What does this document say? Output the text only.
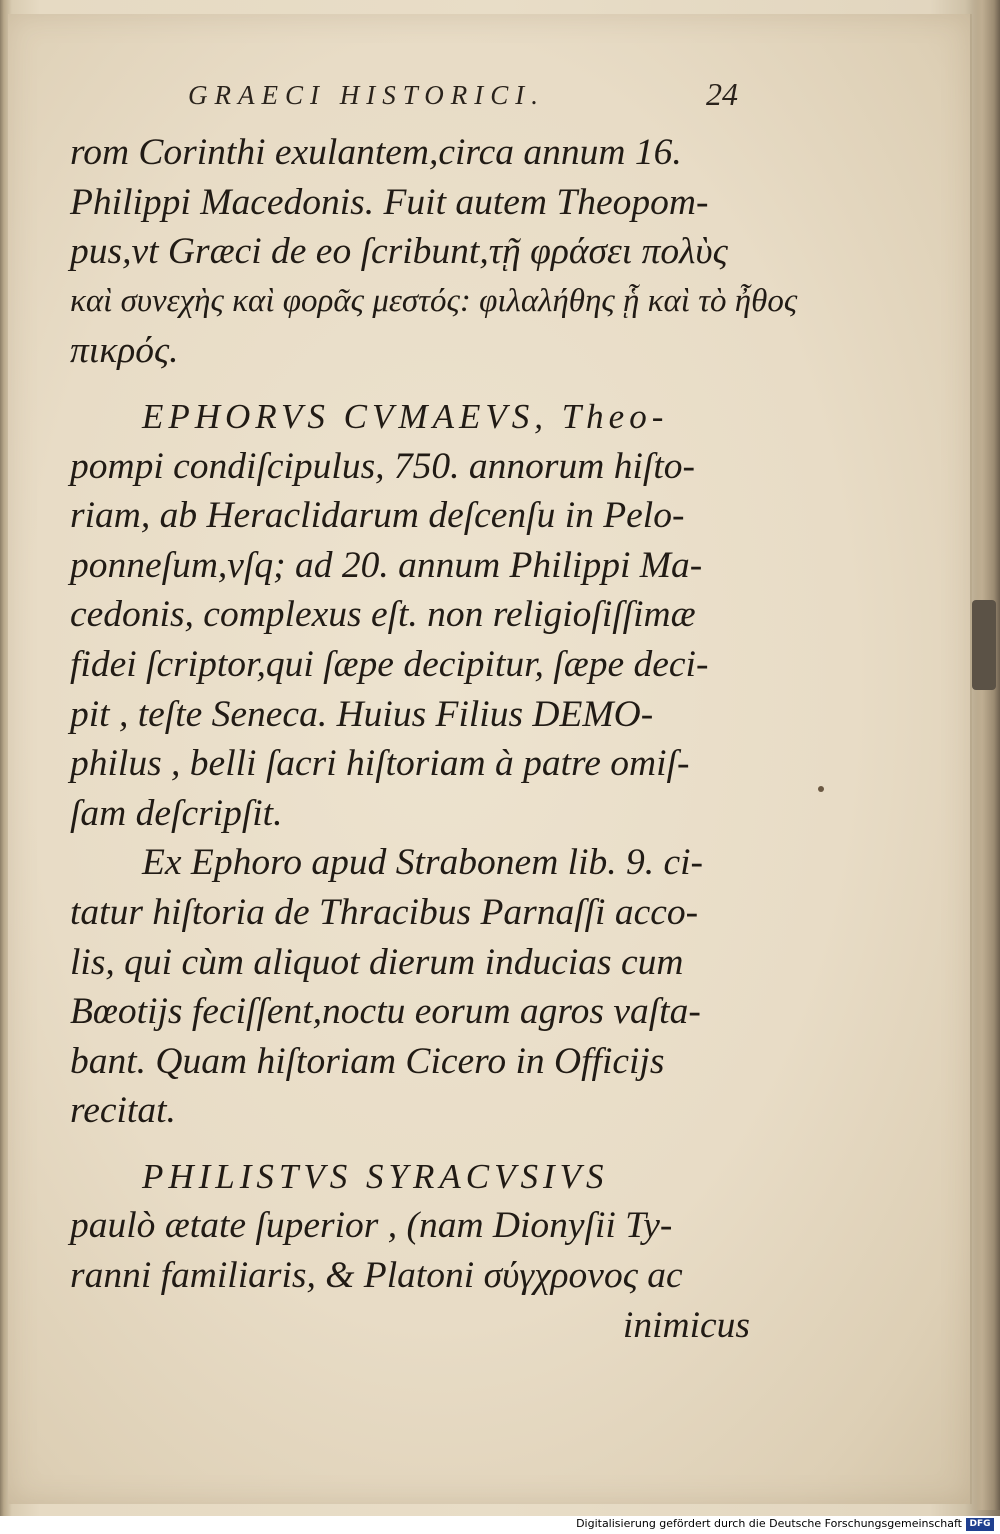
GRAECI HISTORICI.	24
rom Corinthi exulantem,circa annum 16.
Philippi Macedonis. Fuit autem Theopom-
pus,vt Græci de eo ſcribunt,τῇ φράσει πολὺς
καὶ συνεχὴς καὶ φορᾶς μεστός: φιλαλήθης ᾗ καὶ τὸ ἦθος
πικρός.
EPHORVS CVMAEVS, Theo-
pompi condiſcipulus, 750. annorum hiſto-
riam, ab Heraclidarum deſcenſu in Pelo-
ponneſum,vſq; ad 20. annum Philippi Ma-
cedonis, complexus eſt. non religioſiſſimæ
fidei ſcriptor,qui ſæpe decipitur, ſæpe deci-
pit , teſte Seneca. Huius Filius DEMO-
philus , belli ſacri hiſtoriam à patre omiſ-
ſam deſcripſit.
Ex Ephoro apud Strabonem lib. 9. ci-
tatur hiſtoria de Thracibus Parnaſſi acco-
lis, qui cùm aliquot dierum inducias cum
Bœotijs feciſſent,noctu eorum agros vaſta-
bant. Quam hiſtoriam Cicero in Officijs
recitat.
PHILISTVS SYRACVSIVS
paulò ætate ſuperior , (nam Dionyſii Ty-
ranni familiaris, & Platoni σύγχρονος ac
inimicus
Digitalisierung gefördert durch die Deutsche Forschungsgemeinschaft DFG
